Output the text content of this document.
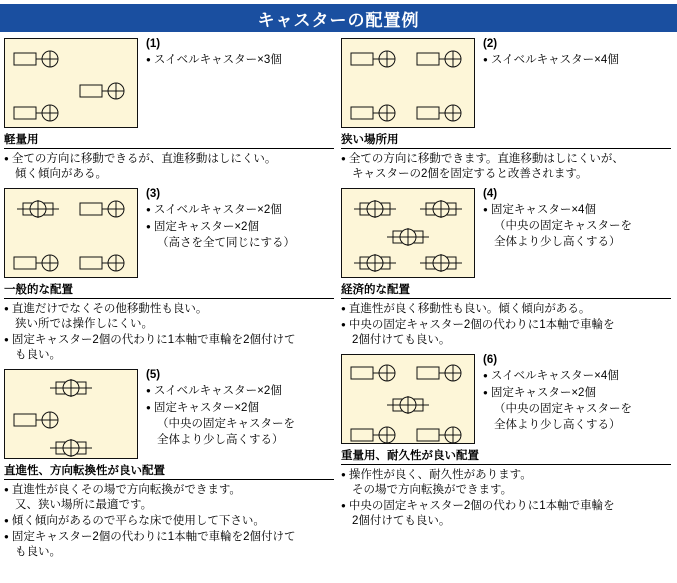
キャスターの配置例
(1)
● スイベルキャスター×3個
軽量用
● 全ての方向に移動できるが、直進移動はしにくい。
傾く傾向がある。
(3)
● スイベルキャスター×2個
● 固定キャスター×2個
（高さを全て同じにする）
一般的な配置
● 直進だけでなくその他移動性も良い。
狭い所では操作しにくい。
● 固定キャスター2個の代わりに1本軸で車輪を2個付けて
も良い。
(5)
● スイベルキャスター×2個
● 固定キャスター×2個
（中央の固定キャスターを
全体より少し高くする）
直進性、方向転換性が良い配置
● 直進性が良くその場で方向転換ができます。
又、狭い場所に最適です。
● 傾く傾向があるので平らな床で使用して下さい。
● 固定キャスター2個の代わりに1本軸で車輪を2個付けて
も良い。
(2)
● スイベルキャスター×4個
狭い場所用
● 全ての方向に移動できます。直進移動はしにくいが、
キャスターの2個を固定すると改善されます。
(4)
● 固定キャスター×4個
（中央の固定キャスターを
全体より少し高くする）
経済的な配置
● 直進性が良く移動性も良い。傾く傾向がある。
● 中央の固定キャスター2個の代わりに1本軸で車輪を
2個付けても良い。
(6)
● スイベルキャスター×4個
● 固定キャスター×2個
（中央の固定キャスターを
全体より少し高くする）
重量用、耐久性が良い配置
● 操作性が良く、耐久性があります。
その場で方向転換ができます。
● 中央の固定キャスター2個の代わりに1本軸で車輪を
2個付けても良い。
